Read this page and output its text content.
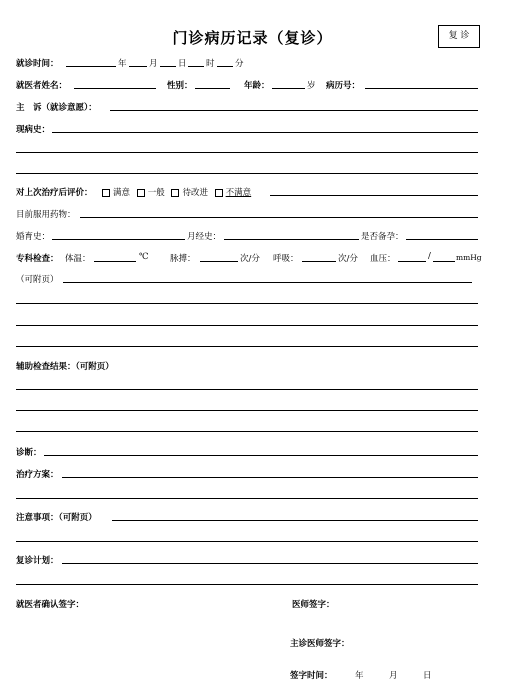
门诊病历记录（复诊）	复 诊
就诊时间：	年	月 日 时 分
就医者姓名：	性别：	年龄：	岁 病历号：
主　诉（就诊意愿）：
现病史：
对上次治疗后评价：	满意 一般 待改进 不满意
目前服用药物：
婚育史：	月经史：	是否备孕：
专科检查： 体温：	℃	脉搏：	次/分 呼吸：	次/分 血压：	/	mmHg
（可附页）
辅助检查结果：（可附页）
诊断：
治疗方案：
注意事项：（可附页）
复诊计划：
就医者确认签字：	医师签字：
主诊医师签字：
签字时间：	年	月	日
